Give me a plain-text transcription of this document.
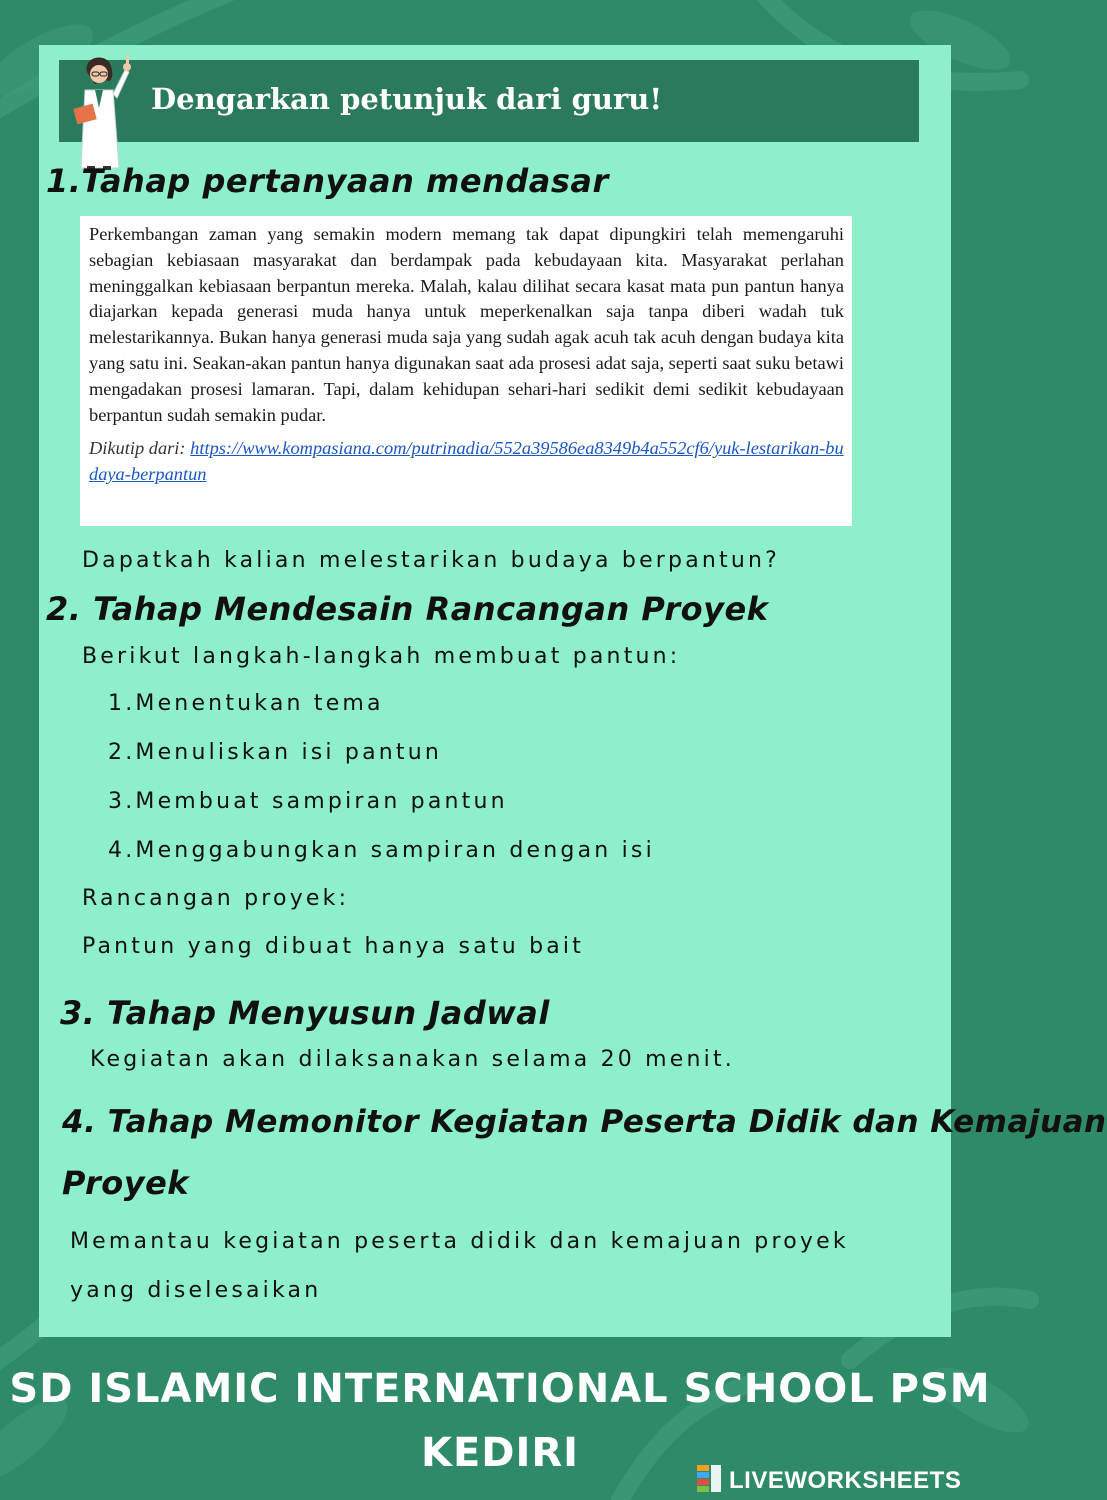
Dengarkan petunjuk dari guru!
1.Tahap pertanyaan mendasar

Perkembangan zaman yang semakin modern memang tak dapat dipungkiri telah memengaruhi sebagian kebiasaan masyarakat dan berdampak pada kebudayaan kita. Masyarakat perlahan meninggalkan kebiasaan berpantun mereka. Malah, kalau dilihat secara kasat mata pun pantun hanya diajarkan kepada generasi muda hanya untuk meperkenalkan saja tanpa diberi wadah tuk melestarikannya. Bukan hanya generasi muda saja yang sudah agak acuh tak acuh dengan budaya kita yang satu ini. Seakan-akan pantun hanya digunakan saat ada prosesi adat saja, seperti saat suku betawi mengadakan prosesi lamaran. Tapi, dalam kehidupan sehari-hari sedikit demi sedikit kebudayaan berpantun sudah semakin pudar.

Dikutip dari: https://www.kompasiana.com/putrinadia/552a39586ea8349b4a552cf6/yuk-lestarikan-budaya-berpantun
Dapatkah kalian melestarikan budaya berpantun?
2. Tahap Mendesain Rancangan Proyek
Berikut langkah-langkah membuat pantun:
1.Menentukan tema
2.Menuliskan isi pantun
3.Membuat sampiran pantun
4.Menggabungkan sampiran dengan isi
Rancangan proyek:
Pantun yang dibuat hanya satu bait
3. Tahap Menyusun Jadwal
Kegiatan akan dilaksanakan selama 20 menit.
4. Tahap Memonitor Kegiatan Peserta Didik dan Kemajuan
Proyek
Memantau kegiatan peserta didik dan kemajuan proyek
yang diselesaikan
SD ISLAMIC INTERNATIONAL SCHOOL PSM
KEDIRI
LIVEWORKSHEETS
